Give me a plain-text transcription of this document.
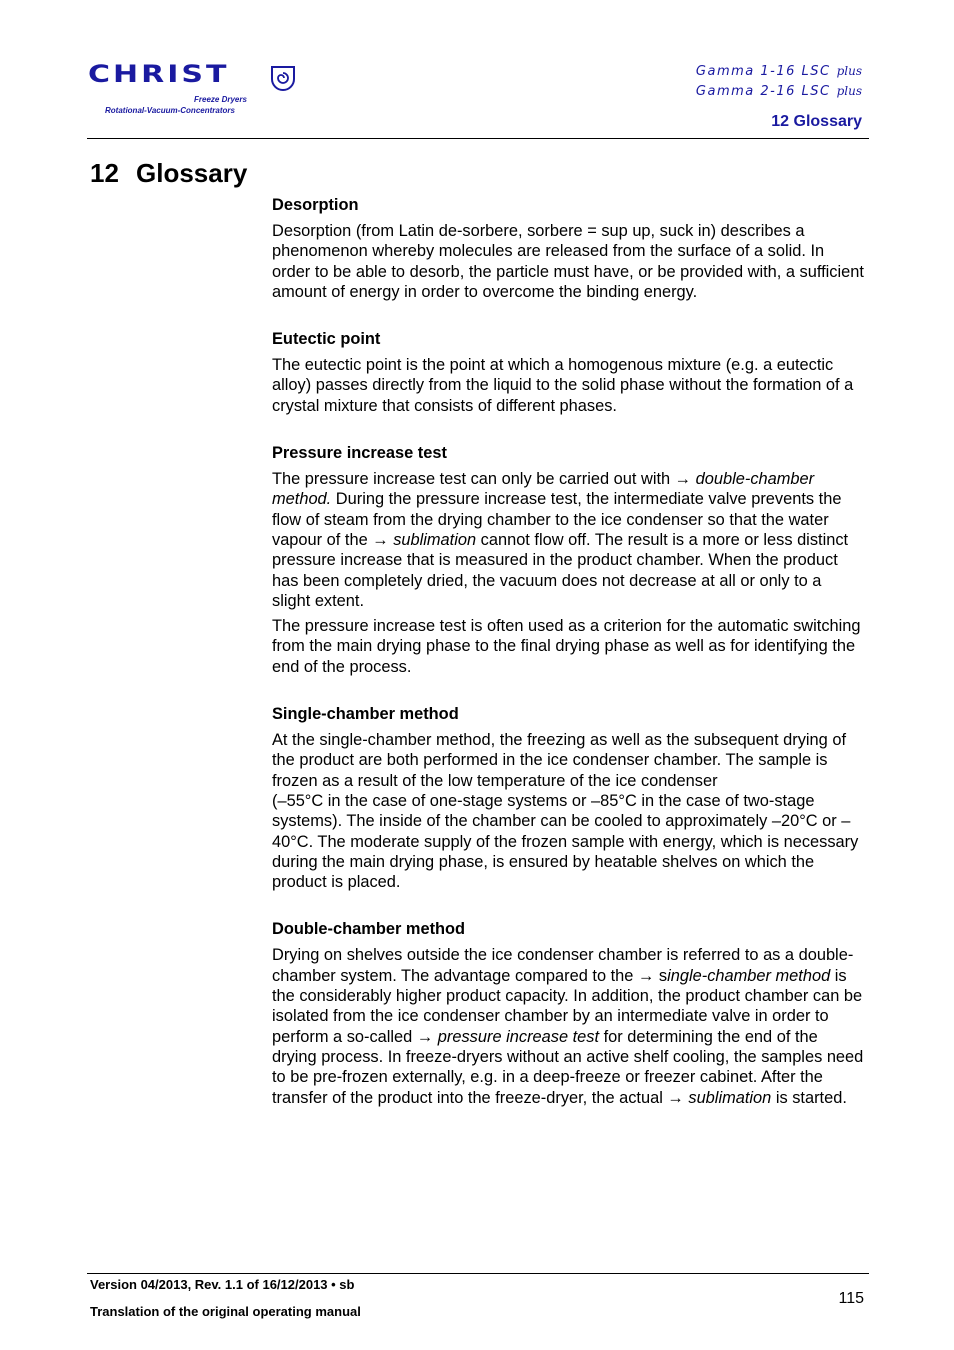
CHRIST
Freeze Dryers
Rotational-Vacuum-Concentrators
Gamma 1-16 LSC plus
Gamma 2-16 LSC plus
12 Glossary
12 Glossary
Desorption

Desorption (from Latin de-sorbere, sorbere = sup up, suck in) describes a phenomenon whereby molecules are released from the surface of a solid. In order to be able to desorb, the particle must have, or be provided with, a sufficient amount of energy in order to overcome the binding energy.

Eutectic point

The eutectic point is the point at which a homogenous mixture (e.g. a eutectic alloy) passes directly from the liquid to the solid phase without the formation of a crystal mixture that consists of different phases.

Pressure increase test

The pressure increase test can only be carried out with → double-chamber method. During the pressure increase test, the intermediate valve prevents the flow of steam from the drying chamber to the ice condenser so that the water vapour of the → sublimation cannot flow off. The result is a more or less distinct pressure increase that is measured in the product chamber. When the product has been completely dried, the vacuum does not decrease at all or only to a slight extent.

The pressure increase test is often used as a criterion for the automatic switching from the main drying phase to the final drying phase as well as for identifying the end of the process.

Single-chamber method

At the single-chamber method, the freezing as well as the subsequent drying of the product are both performed in the ice condenser chamber. The sample is frozen as a result of the low temperature of the ice condenser

(–55°C in the case of one-stage systems or –85°C in the case of two-stage systems). The inside of the chamber can be cooled to approximately –20°C or –40°C. The moderate supply of the frozen sample with energy, which is necessary during the main drying phase, is ensured by heatable shelves on which the product is placed.

Double-chamber method

Drying on shelves outside the ice condenser chamber is referred to as a double-chamber system. The advantage compared to the → single-chamber method is the considerably higher product capacity. In addition, the product chamber can be isolated from the ice condenser chamber by an intermediate valve in order to perform a so-called → pressure increase test for determining the end of the drying process. In freeze-dryers without an active shelf cooling, the samples need to be pre-frozen externally, e.g. in a deep-freeze or freezer cabinet. After the transfer of the product into the freeze-dryer, the actual → sublimation is started.

Version 04/2013, Rev. 1.1 of 16/12/2013 • sb
Translation of the original operating manual
115
